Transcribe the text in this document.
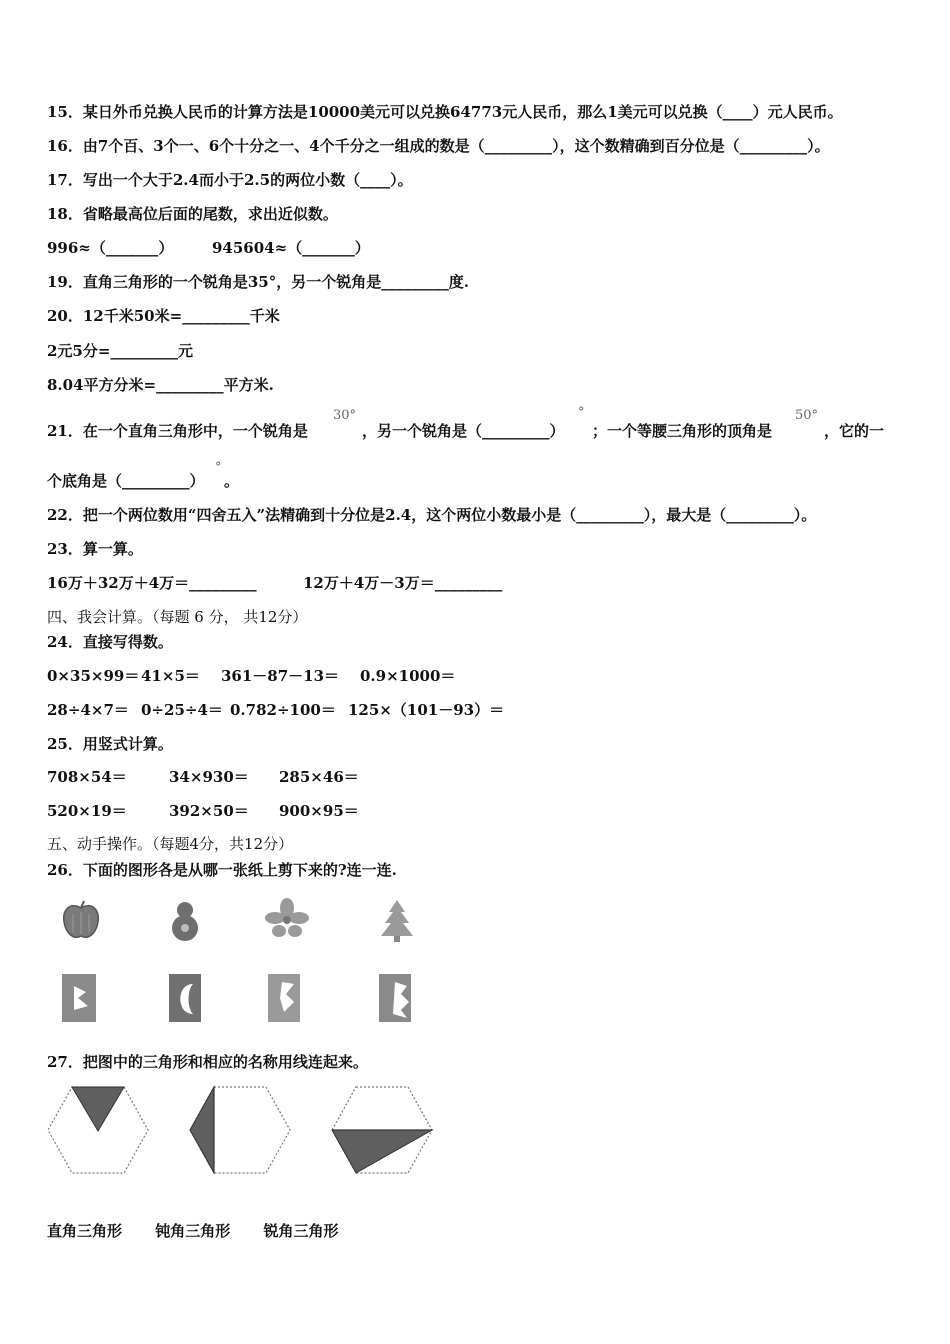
15．某日外币兑换人民币的计算方法是10000美元可以兑换64773元人民币，那么1美元可以兑换（____）元人民币。
16．由7个百、3个一、6个十分之一、4个千分之一组成的数是（_________），这个数精确到百分位是（_________）。
17．写出一个大于2.4而小于2.5的两位小数（____）。
18．省略最高位后面的尾数，求出近似数。
996≈（_______）	945604≈（_______）
19．直角三角形的一个锐角是35°，另一个锐角是_________度.
20．12千米50米=_________千米
2元5分=_________元
8.04平方分米=_________平方米.
21．在一个直角三角形中，一个锐角是
30°
，另一个锐角是（_________）
°
；一个等腰三角形的顶角是
50°
，它的一
个底角是（_________）
°
。
22．把一个两位数用“四舍五入”法精确到十分位是2.4，这个两位小数最小是（_________），最大是（_________）。
23．算一算。
16万＋32万＋4万＝_________	12万＋4万－3万＝_________
四、我会计算。（每题 6 分， 共12分）
24．直接写得数。
0×35×99＝ 41×5＝ 361－87－13＝ 0.9×1000＝
28÷4×7＝ 0÷25÷4＝ 0.782÷100＝ 125×（101－93）＝
25．用竖式计算。
708×54＝	34×930＝ 285×46＝
520×19＝	392×50＝ 900×95＝
五、动手操作。（每题4分，共12分）
26．下面的图形各是从哪一张纸上剪下来的?连一连.
27．把图中的三角形和相应的名称用线连起来。
直角三角形 钝角三角形 锐角三角形
